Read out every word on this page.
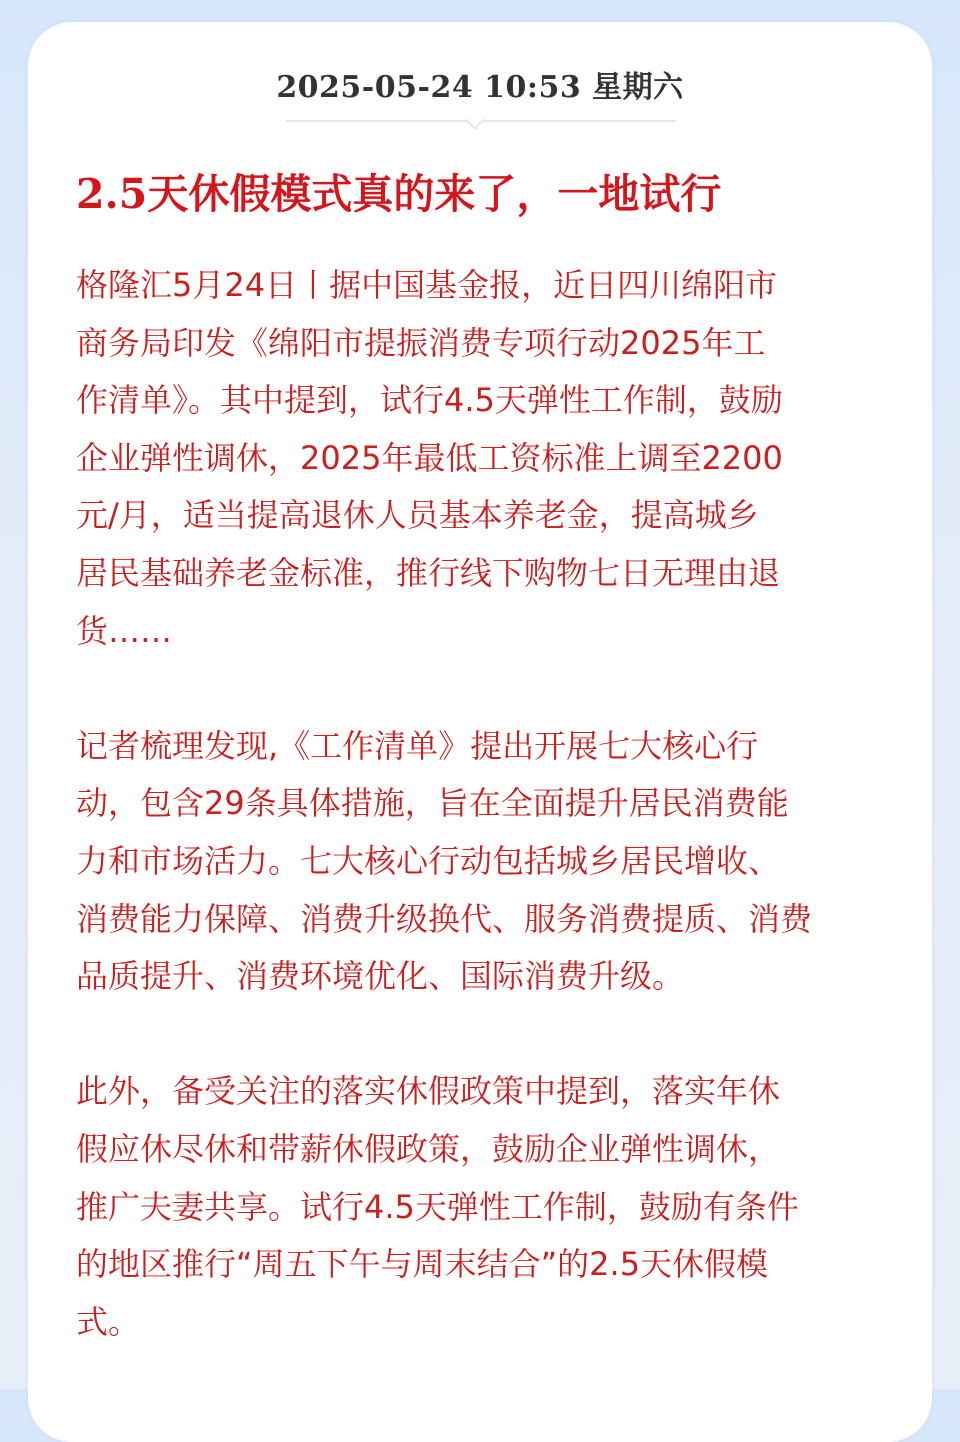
2025-05-24 10:53 星期六
2.5天休假模式真的来了，一地试行

格隆汇5月24日丨据中国基金报，近日四川绵阳市
商务局印发《绵阳市提振消费专项行动2025年工
作清单》。其中提到，试行4.5天弹性工作制，鼓励
企业弹性调休，2025年最低工资标准上调至2200
元/月，适当提高退休人员基本养老金，提高城乡
居民基础养老金标准，推行线下购物七日无理由退
货……

记者梳理发现,《工作清单》提出开展七大核心行
动，包含29条具体措施，旨在全面提升居民消费能
力和市场活力。七大核心行动包括城乡居民增收、
消费能力保障、消费升级换代、服务消费提质、消费
品质提升、消费环境优化、国际消费升级。

此外，备受关注的落实休假政策中提到，落实年休
假应休尽休和带薪休假政策，鼓励企业弹性调休，
推广夫妻共享。试行4.5天弹性工作制，鼓励有条件
的地区推行“周五下午与周末结合”的2.5天休假模
式。
